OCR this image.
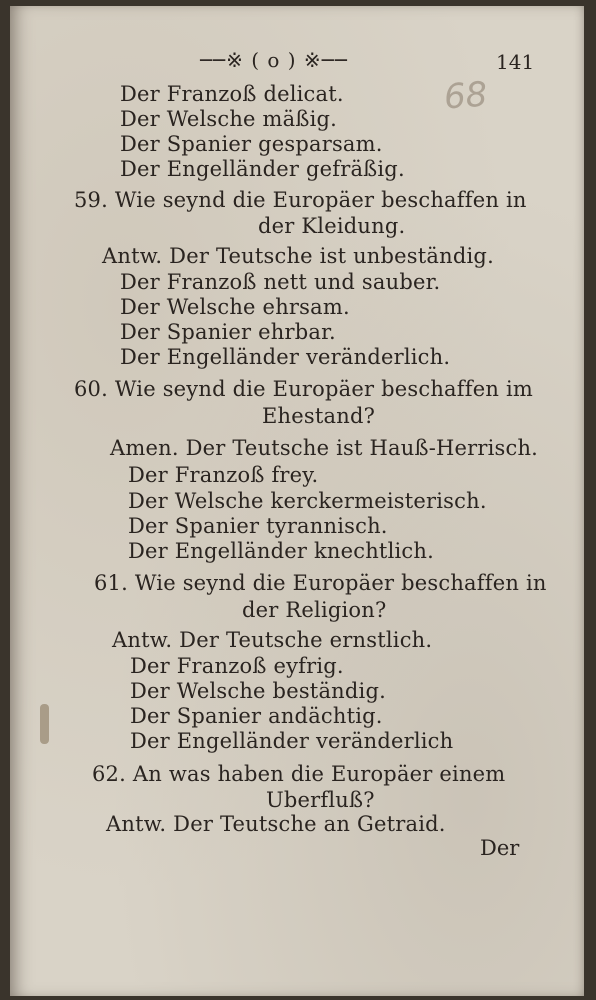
──※ ( o ) ※──	141
68
Der Franzoß delicat.
Der Welsche mäßig.
Der Spanier gesparsam.
Der Engelländer gefräßig.
59. Wie seynd die Europäer beschaffen in
der Kleidung.
Antw. Der Teutsche ist unbeständig.
Der Franzoß nett und sauber.
Der Welsche ehrsam.
Der Spanier ehrbar.
Der Engelländer veränderlich.
60. Wie seynd die Europäer beschaffen im
Ehestand?
Amen. Der Teutsche ist Hauß-Herrisch.
Der Franzoß frey.
Der Welsche kerckermeisterisch.
Der Spanier tyrannisch.
Der Engelländer knechtlich.
61. Wie seynd die Europäer beschaffen in
der Religion?
Antw. Der Teutsche ernstlich.
Der Franzoß eyfrig.
Der Welsche beständig.
Der Spanier andächtig.
Der Engelländer veränderlich
62. An was haben die Europäer einem
Uberfluß?
Antw. Der Teutsche an Getraid.
Der
